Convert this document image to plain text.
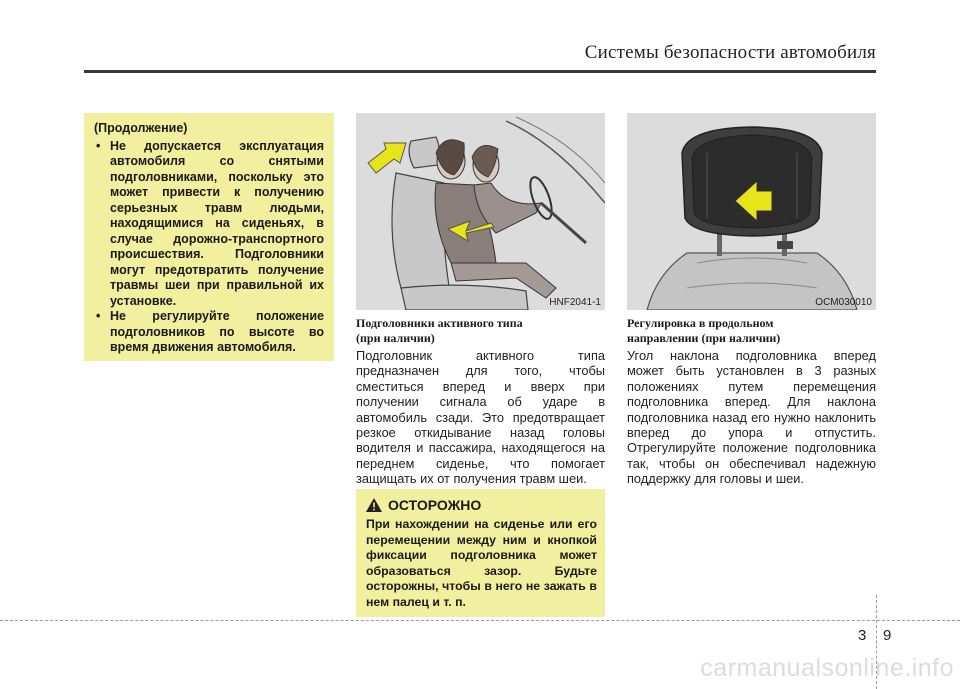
Системы безопасности автомобиля
(Продолжение)
• Не допускается эксплуатация автомобиля со снятыми подголовниками, поскольку это может привести к получению серьезных травм людьми, находящимися на сиденьях, в случае дорожно-транспортного происшествия. Подголовники могут предотвратить получение травмы шеи при правильной их установке.
• Не регулируйте положение подголовников по высоте во время движения автомобиля.
HNF2041-1	OCM030010
Подголовники активного типа
(при наличии)
Регулировка в продольном
направлении (при наличии)
Подголовник активного типа предназначен для того, чтобы сместиться вперед и вверх при получении сигнала об ударе в автомобиль сзади. Это предотвращает резкое откидывание назад головы водителя и пассажира, находящегося на переднем сиденье, что помогает защищать их от получения травм шеи.
Угол наклона подголовника вперед может быть установлен в 3 разных положениях путем перемещения подголовника вперед. Для наклона подголовника назад его нужно наклонить вперед до упора и отпустить. Отрегулируйте положение подголовника так, чтобы он обеспечивал надежную поддержку для головы и шеи.
ОСТОРОЖНО
При нахождении на сиденье или его перемещении между ним и кнопкой фиксации подголовника может образоваться зазор. Будьте осторожны, чтобы в него не зажать в нем палец и т. п.
3 9
carmanualsonline.info
